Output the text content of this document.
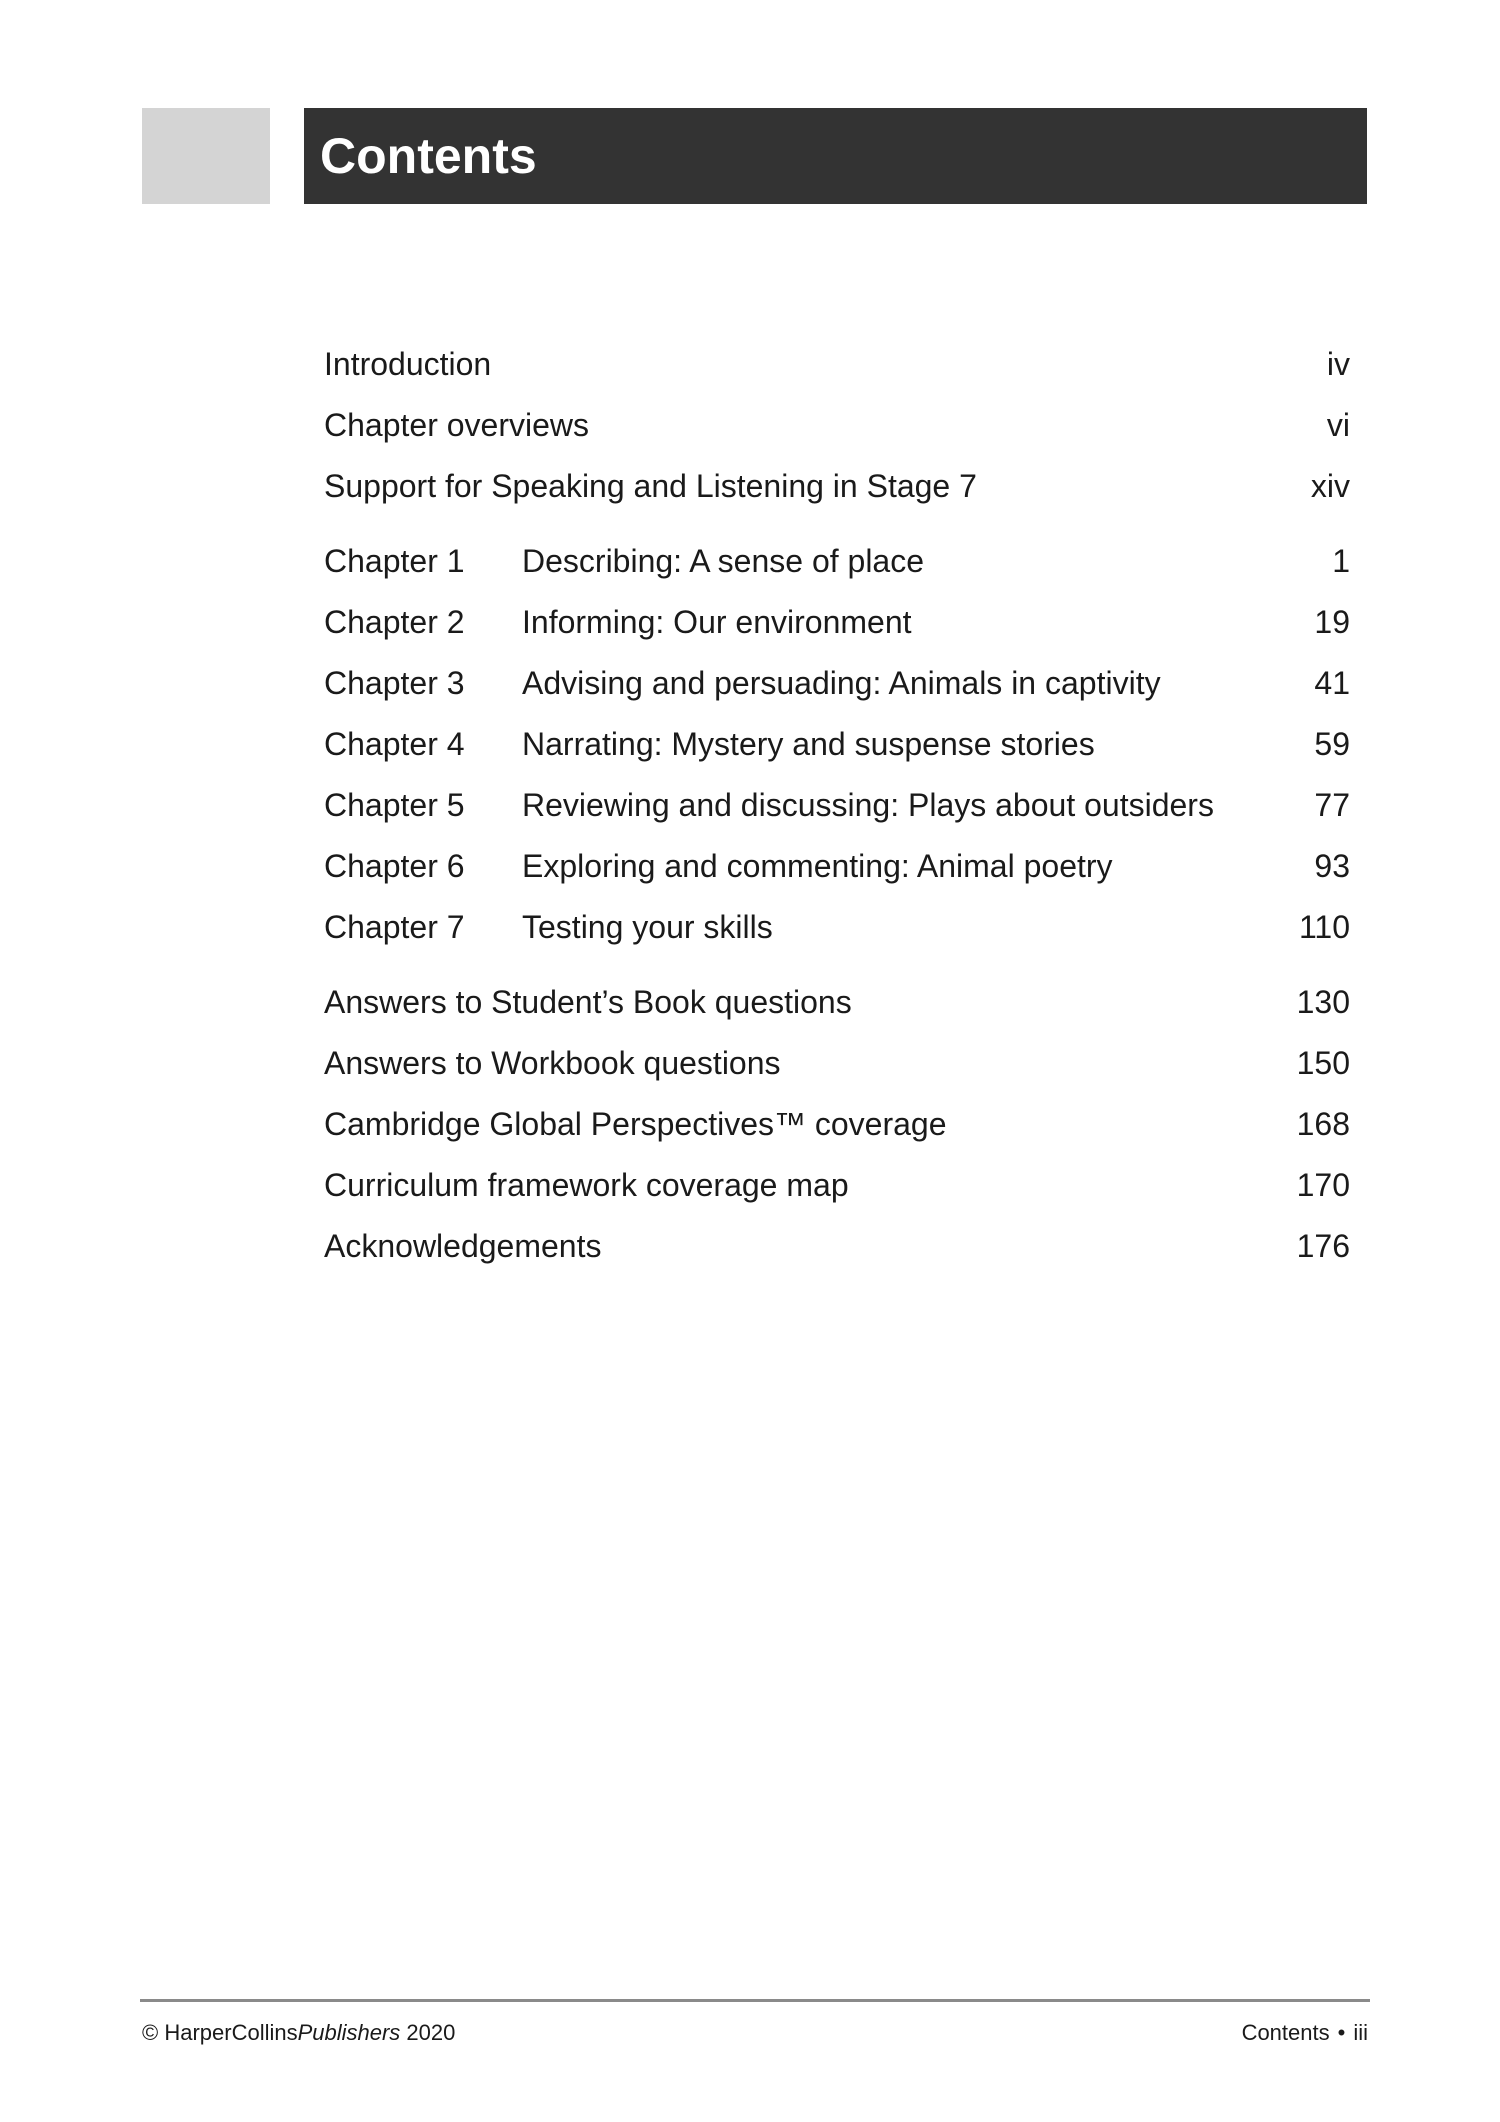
Contents
Introduction	iv
Chapter overviews	vi
Support for Speaking and Listening in Stage 7	xiv
Chapter 1	Describing: A sense of place	1
Chapter 2	Informing: Our environment	19
Chapter 3	Advising and persuading: Animals in captivity	41
Chapter 4	Narrating: Mystery and suspense stories	59
Chapter 5	Reviewing and discussing: Plays about outsiders	77
Chapter 6	Exploring and commenting: Animal poetry	93
Chapter 7	Testing your skills	110
Answers to Student’s Book questions	130
Answers to Workbook questions	150
Cambridge Global Perspectives™ coverage	168
Curriculum framework coverage map	170
Acknowledgements	176
© HarperCollinsPublishers 2020	Contents • iii
